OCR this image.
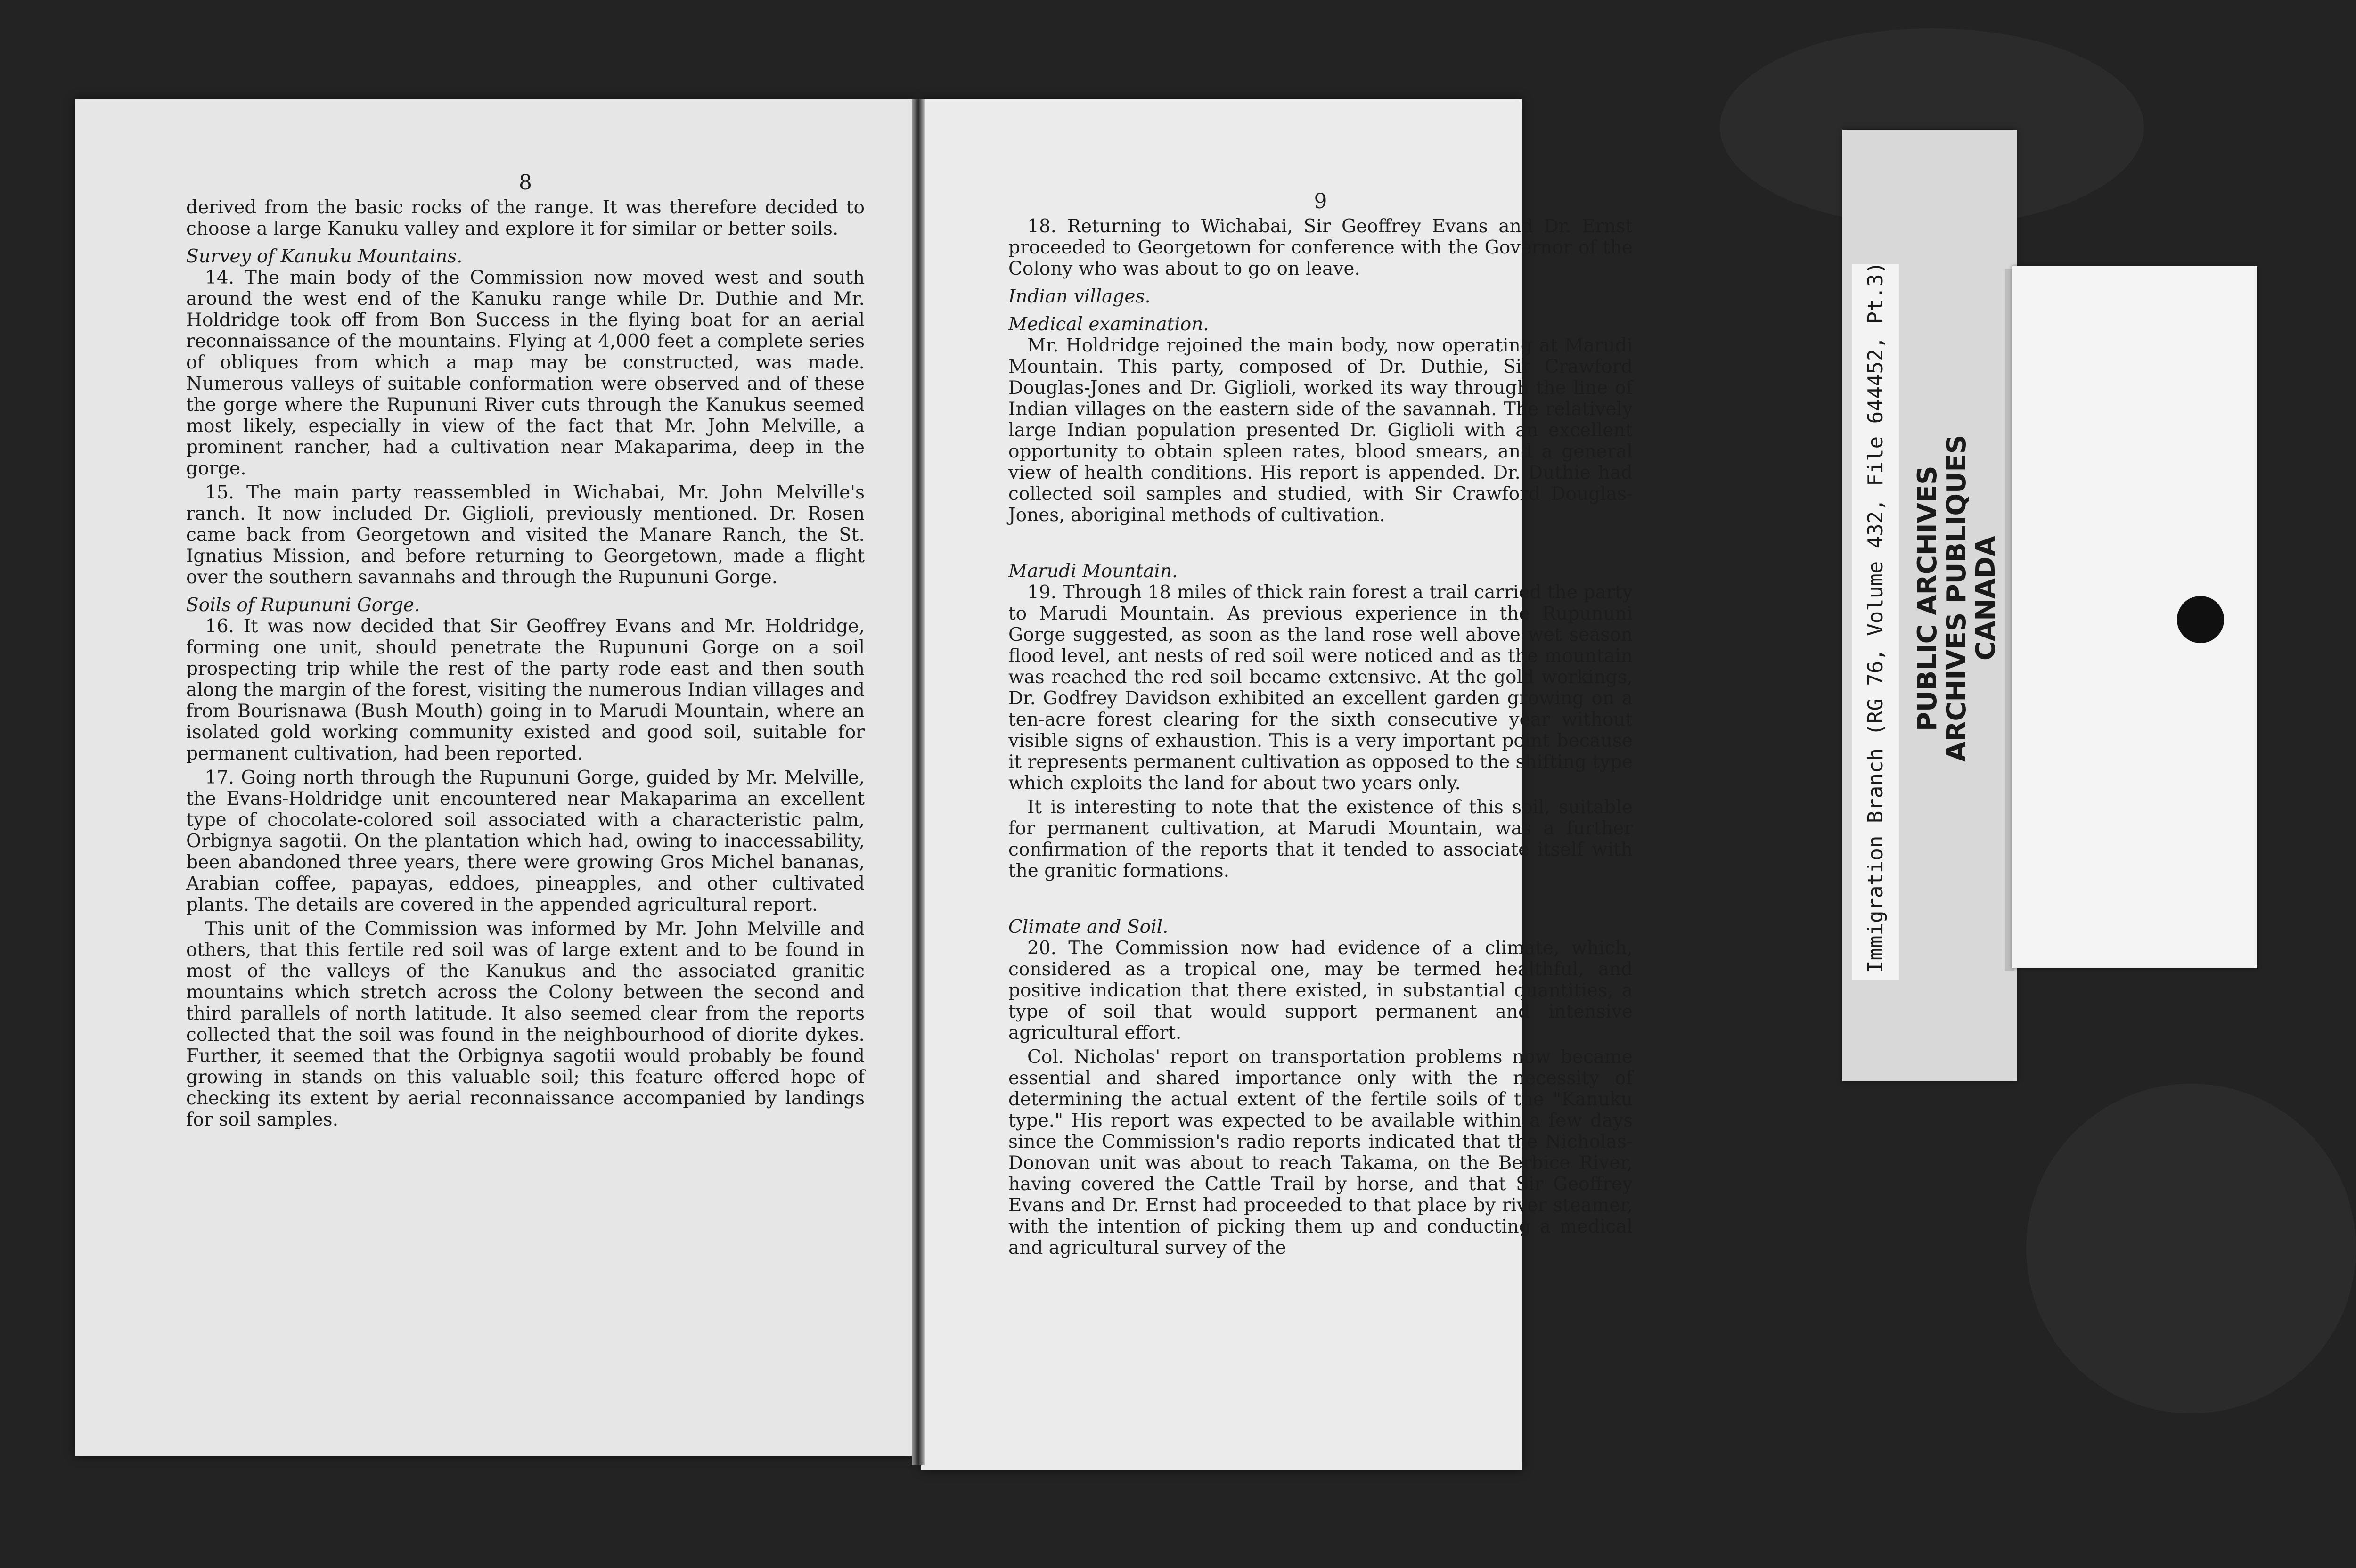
8

derived from the basic rocks of the range. It was therefore decided to choose a large Kanuku valley and explore it for similar or better soils.

Survey of Kanuku Mountains.

14. The main body of the Commission now moved west and south around the west end of the Kanuku range while Dr. Duthie and Mr. Holdridge took off from Bon Success in the flying boat for an aerial reconnaissance of the mountains. Flying at 4,000 feet a complete series of obliques from which a map may be constructed, was made. Numerous valleys of suitable conformation were observed and of these the gorge where the Rupununi River cuts through the Kanukus seemed most likely, especially in view of the fact that Mr. John Melville, a prominent rancher, had a cultivation near Makaparima, deep in the gorge.

15. The main party reassembled in Wichabai, Mr. John Melville's ranch. It now included Dr. Giglioli, previously mentioned. Dr. Rosen came back from Georgetown and visited the Manare Ranch, the St. Ignatius Mission, and before returning to Georgetown, made a flight over the southern savannahs and through the Rupununi Gorge.

Soils of Rupununi Gorge.

16. It was now decided that Sir Geoffrey Evans and Mr. Holdridge, forming one unit, should penetrate the Rupununi Gorge on a soil prospecting trip while the rest of the party rode east and then south along the margin of the forest, visiting the numerous Indian villages and from Bourisnawa (Bush Mouth) going in to Marudi Mountain, where an isolated gold working community existed and good soil, suitable for permanent cultivation, had been reported.

17. Going north through the Rupununi Gorge, guided by Mr. Melville, the Evans-Holdridge unit encountered near Makaparima an excellent type of chocolate-colored soil associated with a characteristic palm, Orbignya sagotii. On the plantation which had, owing to inaccessability, been abandoned three years, there were growing Gros Michel bananas, Arabian coffee, papayas, eddoes, pineapples, and other cultivated plants. The details are covered in the appended agricultural report.

This unit of the Commission was informed by Mr. John Melville and others, that this fertile red soil was of large extent and to be found in most of the valleys of the Kanukus and the associated granitic mountains which stretch across the Colony between the second and third parallels of north latitude. It also seemed clear from the reports collected that the soil was found in the neighbourhood of diorite dykes. Further, it seemed that the Orbignya sagotii would probably be found growing in stands on this valuable soil; this feature offered hope of checking its extent by aerial reconnaissance accompanied by landings for soil samples.

9

18. Returning to Wichabai, Sir Geoffrey Evans and Dr. Ernst proceeded to Georgetown for conference with the Governor of the Colony who was about to go on leave.

Indian villages.
Medical examination.

Mr. Holdridge rejoined the main body, now operating at Marudi Mountain. This party, composed of Dr. Duthie, Sir Crawford Douglas-Jones and Dr. Giglioli, worked its way through the line of Indian villages on the eastern side of the savannah. The relatively large Indian population presented Dr. Giglioli with an excellent opportunity to obtain spleen rates, blood smears, and a general view of health conditions. His report is appended. Dr. Duthie had collected soil samples and studied, with Sir Crawford Douglas-Jones, aboriginal methods of cultivation.

Marudi Mountain.

19. Through 18 miles of thick rain forest a trail carried the party to Marudi Mountain. As previous experience in the Rupununi Gorge suggested, as soon as the land rose well above wet season flood level, ant nests of red soil were noticed and as the mountain was reached the red soil became extensive. At the gold workings, Dr. Godfrey Davidson exhibited an excellent garden growing on a ten-acre forest clearing for the sixth consecutive year without visible signs of exhaustion. This is a very important point because it represents permanent cultivation as opposed to the shifting type which exploits the land for about two years only.

It is interesting to note that the existence of this soil, suitable for permanent cultivation, at Marudi Mountain, was a further confirmation of the reports that it tended to associate itself with the granitic formations.

Climate and Soil.

20. The Commission now had evidence of a climate, which, considered as a tropical one, may be termed healthful, and positive indication that there existed, in substantial quantities, a type of soil that would support permanent and intensive agricultural effort.

Col. Nicholas' report on transportation problems now became essential and shared importance only with the necessity of determining the actual extent of the fertile soils of the "Kanuku type." His report was expected to be available within a few days since the Commission's radio reports indicated that the Nicholas-Donovan unit was about to reach Takama, on the Berbice River, having covered the Cattle Trail by horse, and that Sir Geoffrey Evans and Dr. Ernst had proceeded to that place by river steamer, with the intention of picking them up and conducting a medical and agricultural survey of the

Immigration Branch (RG 76, Volume 432, File 644452, Pt.3) PUBLIC ARCHIVES
ARCHIVES PUBLIQUES
CANADA
